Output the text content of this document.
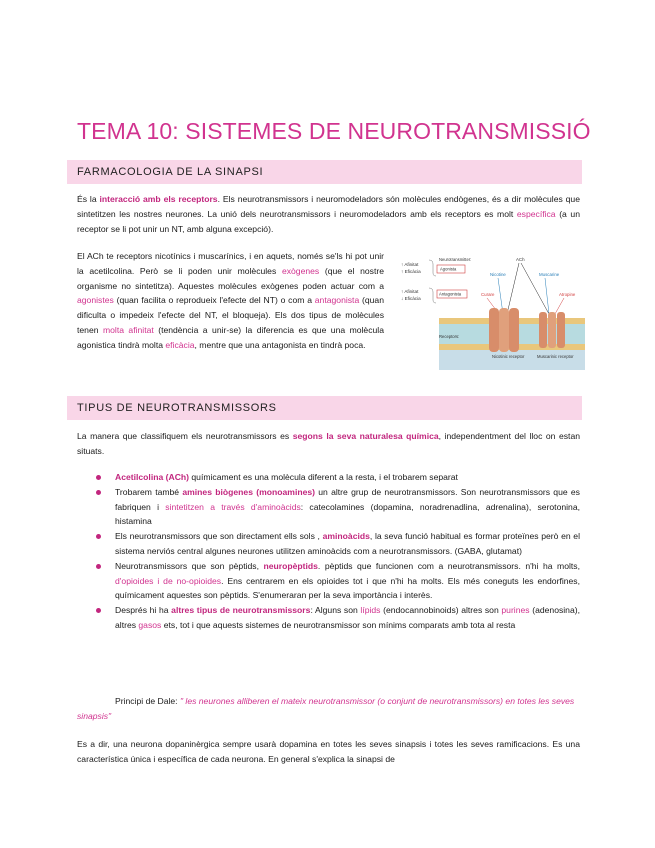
TEMA 10: SISTEMES DE NEUROTRANSMISSIÓ
FARMACOLOGIA DE LA SINAPSI

És la interacció amb els receptors. Els neurotransmissors i neuromodeladors són molècules endògenes, és a dir molècules que sintetitzen les nostres neurones. La unió dels neurotransmissors i neuromodeladors amb els receptors es molt específica (a un receptor se li pot unir un NT, amb alguna excepció).

El ACh te receptors nicotínics i muscarínics, i en aquets, només se'ls hi pot unir la acetilcolina. Però se li poden unir molècules exògenes (que el nostre organisme no sintetitza). Aquestes molècules exògenes poden actuar com a agonistes (quan facilita o reprodueix l'efecte del NT) o com a antagonista (quan dificulta o impedeix l'efecte del NT, el bloqueja). Els dos tipus de molècules tenen molta afinitat (tendència a unir-se) la diferencia es que una molècula agonistica tindrà molta eficàcia, mentre que una antagonista en tindrà poca.

↑ Afinitat
↑ Eficàcia
↑ Afinitat
↓ Eficàcia
Agonista
Antagonista
Neurotransmitter:	ACh
Nicotine	Muscarine
Curare	Atropine
Receptors:
Nicotinic receptor	Muscarinic receptor
TIPUS DE NEUROTRANSMISSORS

La manera que classifiquem els neurotransmissors es segons la seva naturalesa química, independentment del lloc on estan situats.

Acetilcolina (ACh) químicament es una molècula diferent a la resta, i el trobarem separat
Trobarem també amines biògenes (monoamines) un altre grup de neurotransmissors. Son neurotransmissors que es fabriquen i sintetitzen a través d'aminoàcids: catecolamines (dopamina, noradrenadlina, adrenalina), serotonina, histamina
Els neurotransmissors que son directament ells sols , aminoàcids, la seva funció habitual es formar proteïnes però en el sistema nerviós central algunes neurones utilitzen aminoàcids com a neurotransmissors. (GABA, glutamat)
Neurotransmissors que son pèptids, neuropèptids. pèptids que funcionen com a neurotransmissors. n'hi ha molts, d'opioides i de no-opioides. Ens centrarem en els opioides tot i que n'hi ha molts. Els més coneguts les endorfines, químicament aquestes son pèptids. S'enumeraran per la seva importància i interès.
Després hi ha altres tipus de neurotransmissors: Alguns son lípids (endocannobinoids) altres son purines (adenosina), altres gasos ets, tot i que aquests sistemes de neurotransmissor son mínims comparats amb tota al resta

Principi de Dale: " les neurones alliberen el mateix neurotransmissor (o conjunt de neurotransmissors) en totes les seves sinapsis"

Es a dir, una neurona dopaninèrgica sempre usarà dopamina en totes les seves sinapsis i totes les seves ramificacions. Es una característica única i específica de cada neurona. En general s'explica la sinapsi de
